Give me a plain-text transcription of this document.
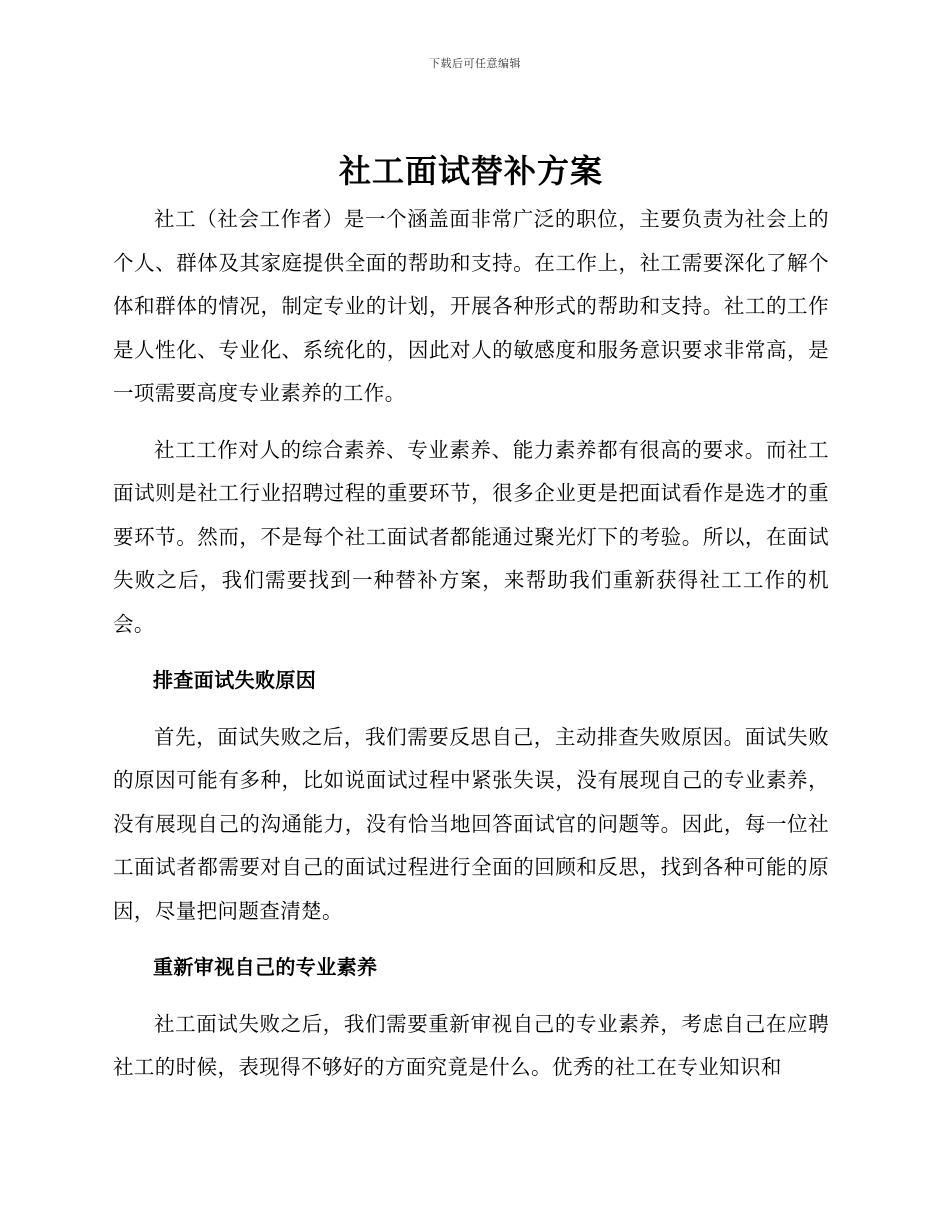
下载后可任意编辑
社工面试替补方案

社工（社会工作者）是一个涵盖面非常广泛的职位，主要负责为社会上的个人、群体及其家庭提供全面的帮助和支持。在工作上，社工需要深化了解个体和群体的情况，制定专业的计划，开展各种形式的帮助和支持。社工的工作是人性化、专业化、系统化的，因此对人的敏感度和服务意识要求非常高，是一项需要高度专业素养的工作。

社工工作对人的综合素养、专业素养、能力素养都有很高的要求。而社工面试则是社工行业招聘过程的重要环节，很多企业更是把面试看作是选才的重要环节。然而，不是每个社工面试者都能通过聚光灯下的考验。所以，在面试失败之后，我们需要找到一种替补方案，来帮助我们重新获得社工工作的机会。

排查面试失败原因

首先，面试失败之后，我们需要反思自己，主动排查失败原因。面试失败的原因可能有多种，比如说面试过程中紧张失误，没有展现自己的专业素养，没有展现自己的沟通能力，没有恰当地回答面试官的问题等。因此，每一位社工面试者都需要对自己的面试过程进行全面的回顾和反思，找到各种可能的原因，尽量把问题查清楚。

重新审视自己的专业素养

社工面试失败之后，我们需要重新审视自己的专业素养，考虑自己在应聘社工的时候，表现得不够好的方面究竟是什么。优秀的社工在专业知识和
